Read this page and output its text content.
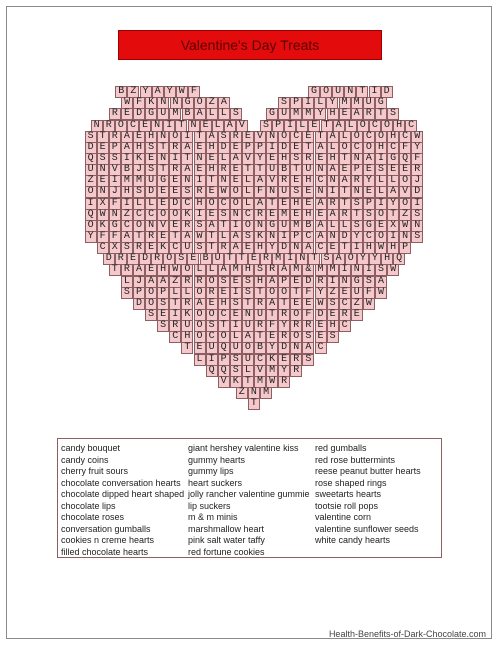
Valentine's Day Treats
B Z Y A Y W F	G O U N T I D
W F K N N G O Z A	S P I L Y M M U G
R E D G U M B A L L S	G U M M Y H E A R T S
N R O C E N I T N E L A V	S P I L E T A L O C O H C
S T R A E H N O I T A S R E V N O C E T A L O C O H C W
D E P A H S T R A E H D E P P I D E T A L O C O H C F Y
Q S S I K E N I T N E L A V Y E H S R E H T N A I G Q F
U N V B J S T R A E H R E T T U B T U N A E P E S E E R
Z E I M M U G E N I T N E L A V R E H C N A R Y L L O J
O N J H S D E E S R E W O L F N U S E N I T N E L A V D
I X F I L L E D C H O C O L A T E H E A R T S P I Y O I
Q W N Z C C O O K I E S N C R E M E H E A R T S O T Z S
O K G C O N V E R S A T I O N G U M B A L L S G E X W N
Y F F A T R E T A W T L A S K N I P C A N D Y C O I N S
C X S R E K C U S T R A E H Y D N A C E T I H W H P
D R E D R O S E B U T T E R M I N T S A O Y Y H Q
T R A E H W O L L A M H S R A M & M M I N I S W
L J A A Z R R O S E S H A P E D R I N G S A
S P O P L L O R E I S T O O T F Y Z E U F W
D O S T R A E H S T R A T E E W S C Z W
S E I K O O C E N U T R O F D E R E
S R U O S T I U R F Y R R E H C
C H O C O L A T E R O S E S
T E U Q U O B Y D N A C
L I P S U C K E R S
Q Q S L V M Y R
V K T M W R
Z N M
T
candy bouquet
candy coins
cherry fruit sours
chocolate conversation hearts
chocolate dipped heart shaped
chocolate lips
chocolate roses
conversation gumballs
cookies n creme hearts
filled chocolate hearts
giant hershey valentine kiss
gummy hearts
gummy lips
heart suckers
jolly rancher valentine gummie
lip suckers
m & m minis
marshmallow heart
pink salt water taffy
red fortune cookies
red gumballs
red rose buttermints
reese peanut butter hearts
rose shaped rings
sweetarts hearts
tootsie roll pops
valentine corn
valentine sunflower seeds
white candy hearts
Health-Benefits-of-Dark-Chocolate.com
